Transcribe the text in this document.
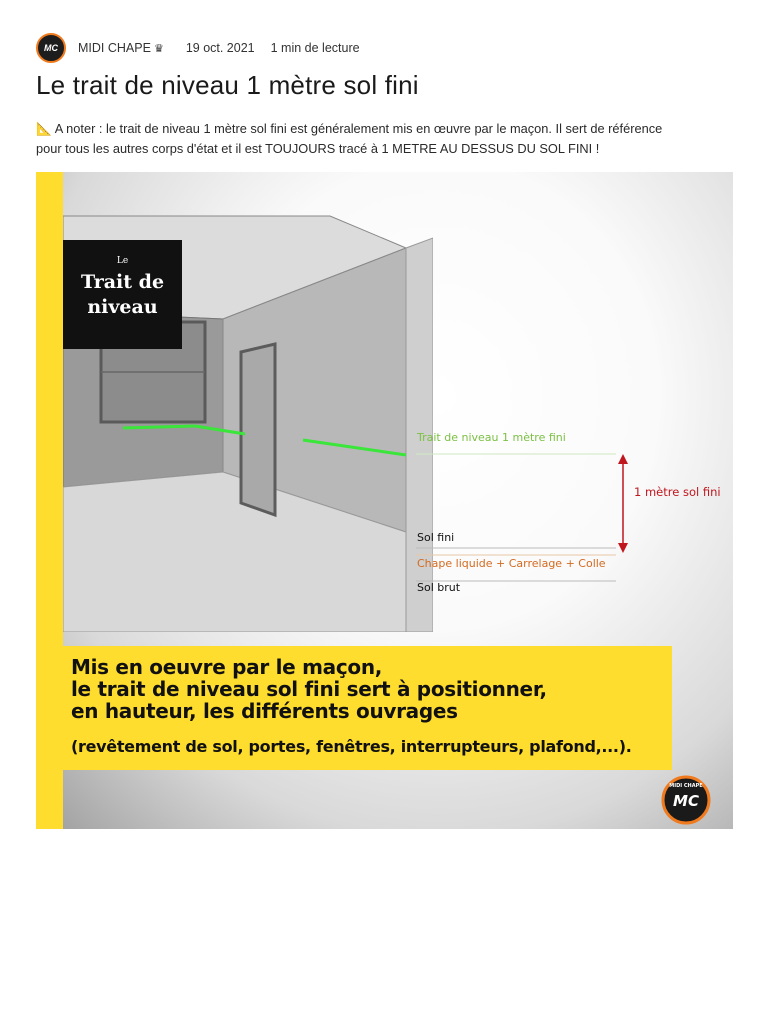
MC MIDI CHAPE ♛ 19 oct. 2021 1 min de lecture
Le trait de niveau 1 mètre sol fini

📐 A noter : le trait de niveau 1 mètre sol fini est généralement mis en œuvre par le maçon. Il sert de référence
pour tous les autres corps d'état et il est TOUJOURS tracé à 1 METRE AU DESSUS DU SOL FINI !

Le
Trait de
niveau
Trait de niveau 1 mètre fini
1 mètre sol fini
Sol fini
Chape liquide + Carrelage + Colle
Sol brut
Mis en oeuvre par le maçon,
le trait de niveau sol fini sert à positionner,
en hauteur, les différents ouvrages
(revêtement de sol, portes, fenêtres, interrupteurs, plafond,...).
MIDI CHAPE
MC
